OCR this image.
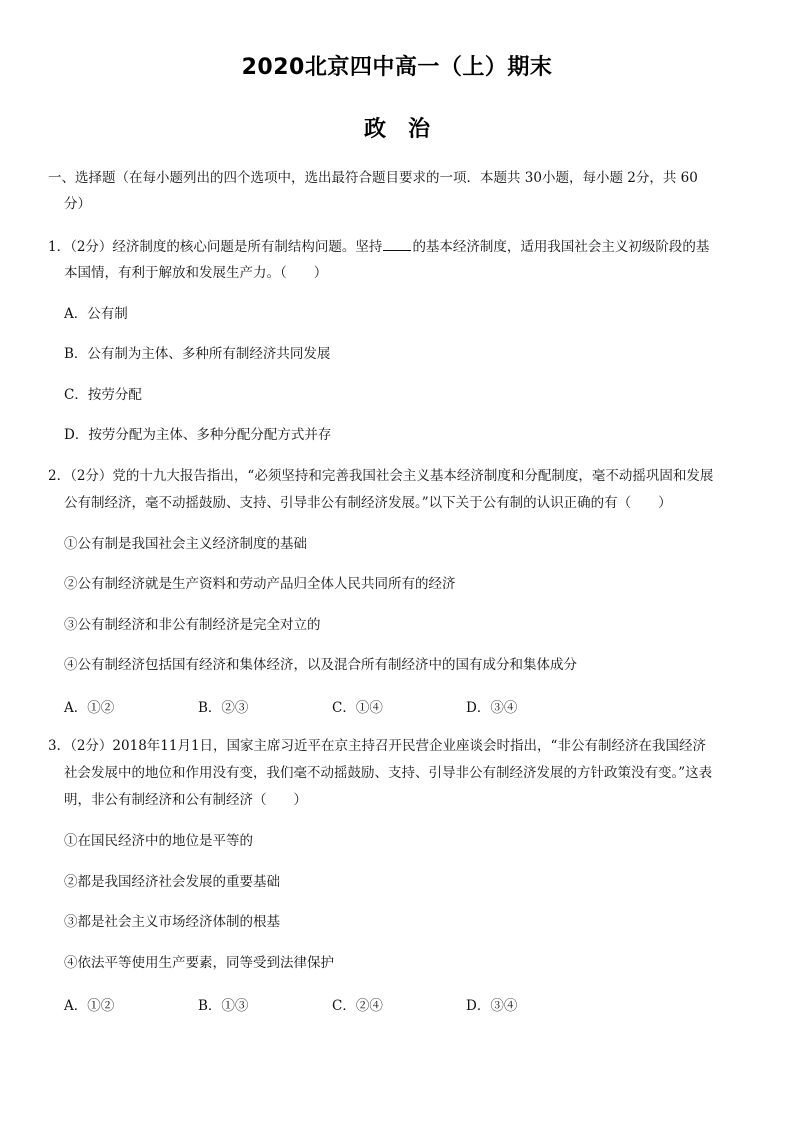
2020北京四中高一（上）期末
政　治
一、选择题（在每小题列出的四个选项中，选出最符合题目要求的一项．本题共 30小题，每小题 2分，共 60
分）
1．（2分）经济制度的核心问题是所有制结构问题。坚持 的基本经济制度，适用我国社会主义初级阶段的基
本国情，有利于解放和发展生产力。（　　）
A．公有制
B．公有制为主体、多种所有制经济共同发展
C．按劳分配
D．按劳分配为主体、多种分配分配方式并存
2．（2分）党的十九大报告指出，“必须坚持和完善我国社会主义基本经济制度和分配制度，毫不动摇巩固和发展
公有制经济，毫不动摇鼓励、支持、引导非公有制经济发展。”以下关于公有制的认识正确的有（　　）
①公有制是我国社会主义经济制度的基础
②公有制经济就是生产资料和劳动产品归全体人民共同所有的经济
③公有制经济和非公有制经济是完全对立的
④公有制经济包括国有经济和集体经济，以及混合所有制经济中的国有成分和集体成分
A．①②	B．②③	C．①④	D．③④
3．（2分）2018年11月1日，国家主席习近平在京主持召开民营企业座谈会时指出，“非公有制经济在我国经济
社会发展中的地位和作用没有变，我们毫不动摇鼓励、支持、引导非公有制经济发展的方针政策没有变。”这表
明，非公有制经济和公有制经济（　　）
①在国民经济中的地位是平等的
②都是我国经济社会发展的重要基础
③都是社会主义市场经济体制的根基
④依法平等使用生产要素，同等受到法律保护
A．①②	B．①③	C．②④	D．③④
